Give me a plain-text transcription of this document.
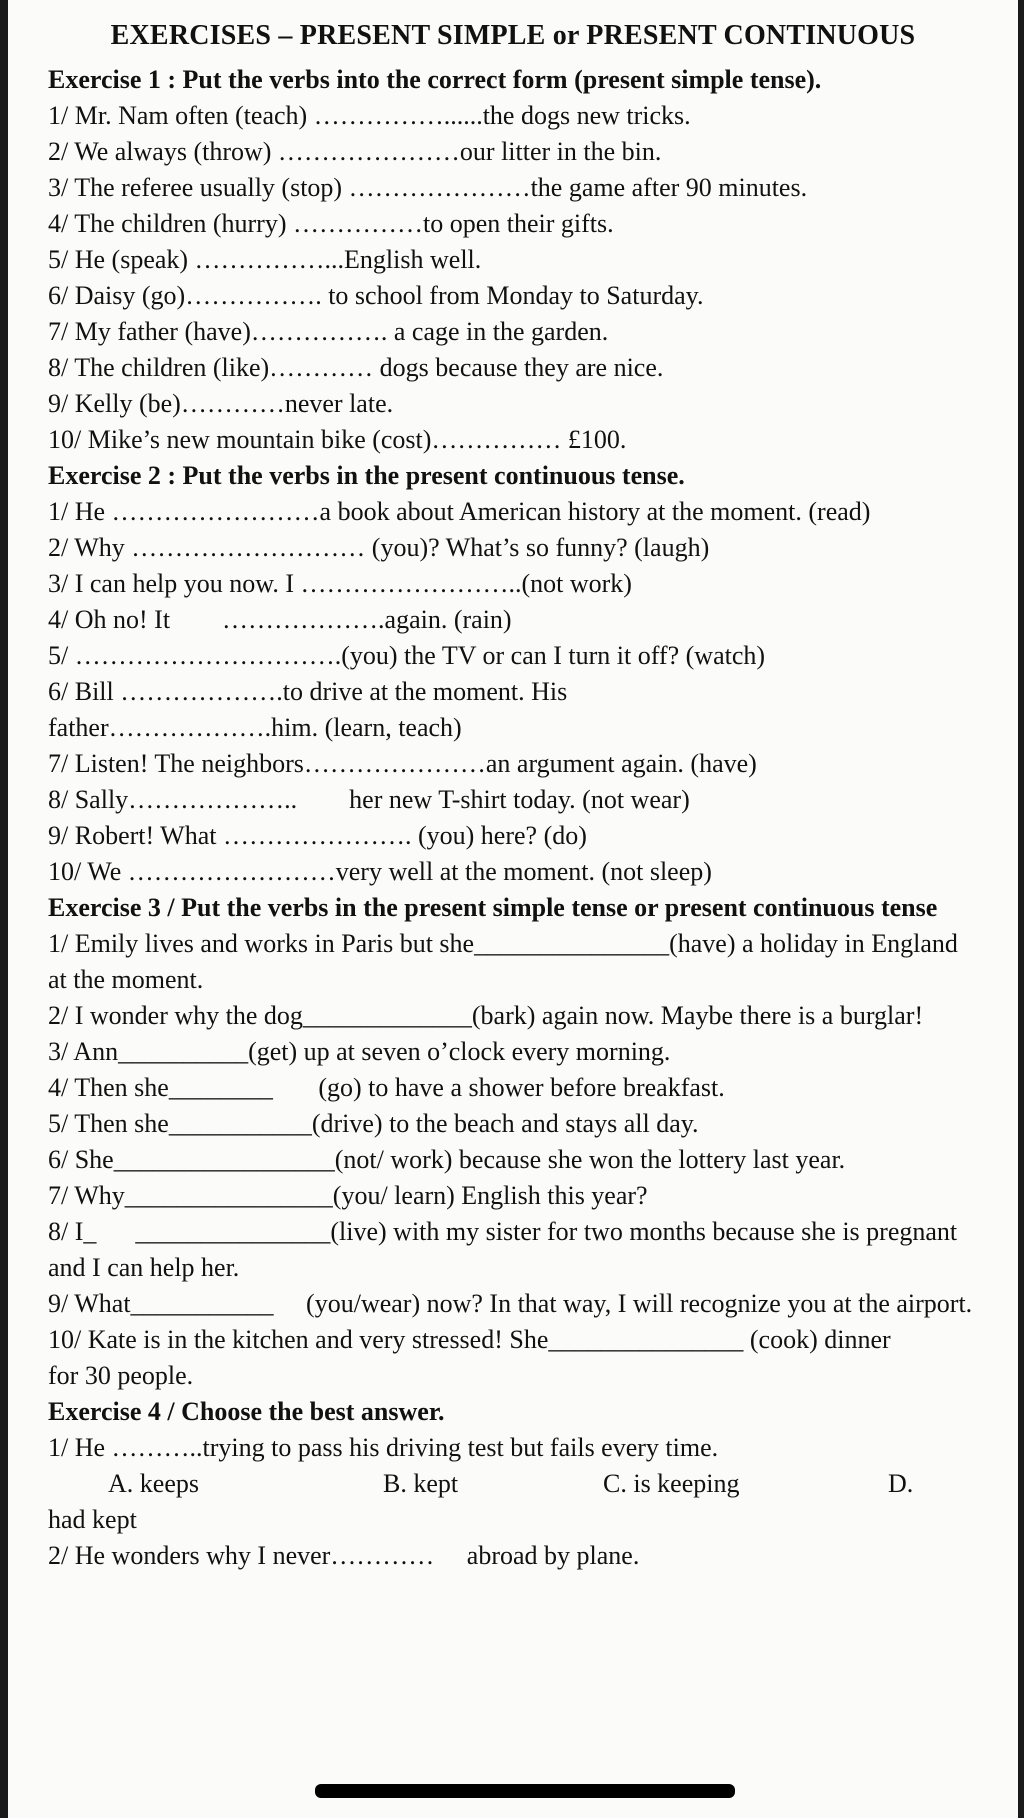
EXERCISES – PRESENT SIMPLE or PRESENT CONTINUOUS
Exercise 1 : Put the verbs into the correct form (present simple tense).
1/ Mr. Nam often (teach) ……………......the dogs new tricks.
2/ We always (throw) …………………our litter in the bin.
3/ The referee usually (stop) …………………the game after 90 minutes.
4/ The children (hurry) ……………to open their gifts.
5/ He (speak) ……………...English well.
6/ Daisy (go)……………. to school from Monday to Saturday.
7/ My father (have)……………. a cage in the garden.
8/ The children (like)………… dogs because they are nice.
9/ Kelly (be)…………never late.
10/ Mike’s new mountain bike (cost)…………… £100.
Exercise 2 : Put the verbs in the present continuous tense.
1/ He ……………………a book about American history at the moment. (read)
2/ Why ……………………… (you)? What’s so funny? (laugh)
3/ I can help you now. I ……………………..(not work)
4/ Oh no! It        ……………….again. (rain)
5/ ………………………….(you) the TV or can I turn it off? (watch)
6/ Bill ……………….to drive at the moment. His father……………….him. (learn, teach)
7/ Listen! The neighbors…………………an argument again. (have)
8/ Sally………………..        her new T-shirt today. (not wear)
9/ Robert! What …………………. (you) here? (do)
10/ We ……………………very well at the moment. (not sleep)
Exercise 3 / Put the verbs in the present simple tense or present continuous tense
1/ Emily lives and works in Paris but she_______________(have) a holiday in England at the moment.
2/ I wonder why the dog_____________(bark) again now. Maybe there is a burglar!
3/ Ann__________(get) up at seven o’clock every morning.
4/ Then she________       (go) to have a shower before breakfast.
5/ Then she___________(drive) to the beach and stays all day.
6/ She_________________(not/ work) because she won the lottery last year.
7/ Why________________(you/ learn) English this year?
8/ I_      _______________(live) with my sister for two months because she is pregnant and I can help her.
9/ What___________     (you/wear) now? In that way, I will recognize you at the airport.
10/ Kate is in the kitchen and very stressed! She_______________ (cook) dinner for 30 people.
Exercise 4 / Choose the best answer.
1/ He ………..trying to pass his driving test but fails every time.
A. keeps	B. kept	C. is keeping	D.
had kept
2/ He wonders why I never…………     abroad by plane.
